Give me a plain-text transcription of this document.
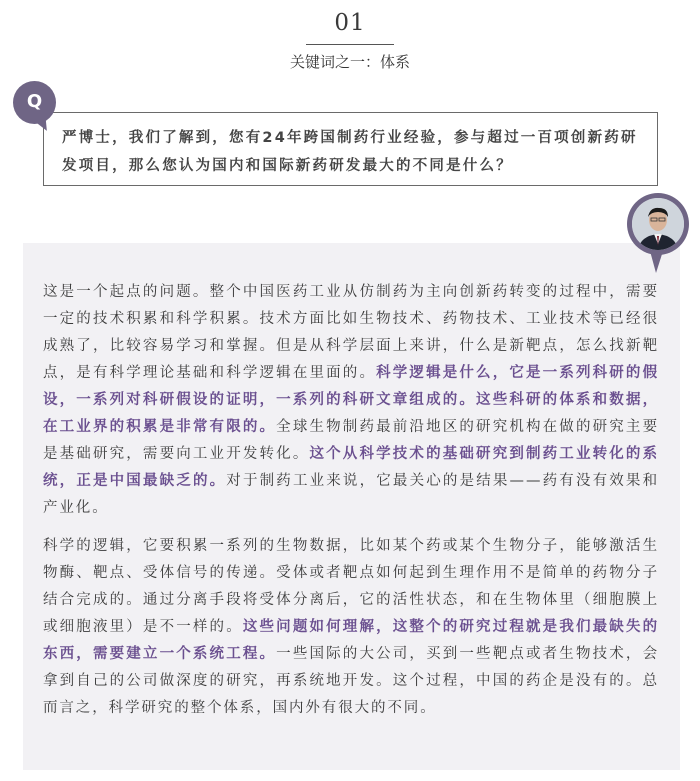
01
关键词之一：体系
Q
严博士，我们了解到，您有24年跨国制药行业经验，参与超过一百项创新药研发项目，那么您认为国内和国际新药研发最大的不同是什么？

这是一个起点的问题。整个中国医药工业从仿制药为主向创新药转变的过程中，需要一定的技术积累和科学积累。技术方面比如生物技术、药物技术、工业技术等已经很成熟了，比较容易学习和掌握。但是从科学层面上来讲，什么是新靶点，怎么找新靶点，是有科学理论基础和科学逻辑在里面的。科学逻辑是什么，它是一系列科研的假设，一系列对科研假设的证明，一系列的科研文章组成的。这些科研的体系和数据，在工业界的积累是非常有限的。全球生物制药最前沿地区的研究机构在做的研究主要是基础研究，需要向工业开发转化。这个从科学技术的基础研究到制药工业转化的系统，正是中国最缺乏的。对于制药工业来说，它最关心的是结果——药有没有效果和产业化。

科学的逻辑，它要积累一系列的生物数据，比如某个药或某个生物分子，能够激活生物酶、靶点、受体信号的传递。受体或者靶点如何起到生理作用不是简单的药物分子结合完成的。通过分离手段将受体分离后，它的活性状态，和在生物体里（细胞膜上或细胞液里）是不一样的。这些问题如何理解，这整个的研究过程就是我们最缺失的东西，需要建立一个系统工程。一些国际的大公司，买到一些靶点或者生物技术，会拿到自己的公司做深度的研究，再系统地开发。这个过程，中国的药企是没有的。总而言之，科学研究的整个体系，国内外有很大的不同。
